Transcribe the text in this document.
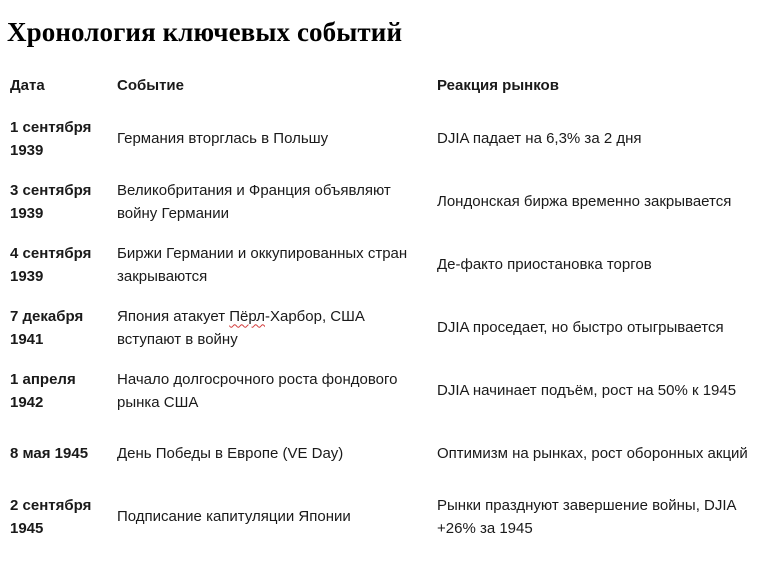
Хронология ключевых событий
Дата	Событие	Реакция рынков
1 сентября 1939	Германия вторглась в Польшу	DJIA падает на 6,3% за 2 дня
3 сентября 1939	Великобритания и Франция объявляют войну Германии	Лондонская биржа временно закрывается
4 сентября 1939	Биржи Германии и оккупированных стран закрываются	Де-факто приостановка торгов
7 декабря 1941	Япония атакует Пёрл-Харбор, США вступают в войну	DJIA проседает, но быстро отыгрывается
1 апреля 1942	Начало долгосрочного роста фондового рынка США	DJIA начинает подъём, рост на 50% к 1945
8 мая 1945	День Победы в Европе (VE Day)	Оптимизм на рынках, рост оборонных акций
2 сентября 1945	Подписание капитуляции Японии	Рынки празднуют завершение войны, DJIA +26% за 1945
